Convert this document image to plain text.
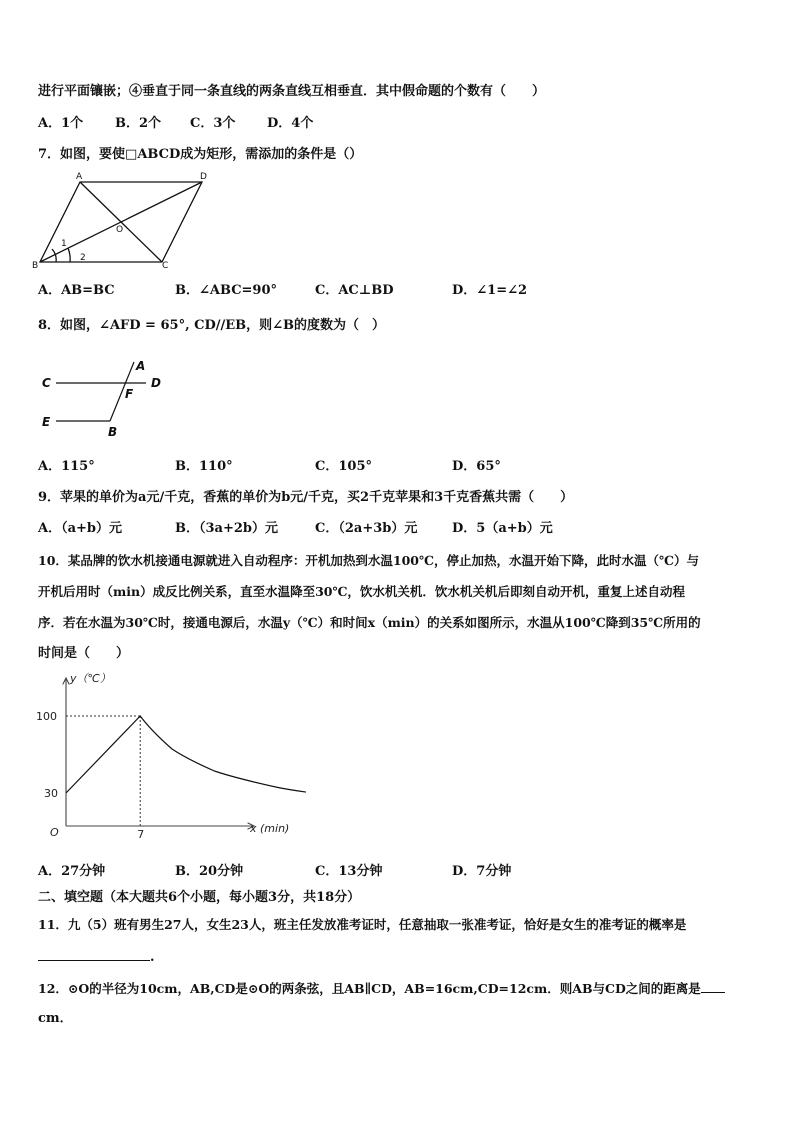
进行平面镶嵌；④垂直于同一条直线的两条直线互相垂直．其中假命题的个数有（　　）
A．1个 B．2个 C．3个 D．4个
7．如图，要使□ABCD成为矩形，需添加的条件是（）
A	D
B	C
O
1
2
A．AB=BC	B．∠ABC=90°	C．AC⊥BD	D．∠1=∠2
8．如图，∠AFD = 65°, CD//EB，则∠B的度数为（　）
C	D
A
F
E
B
A．115°	B．110°	C．105°	D．65°
9．苹果的单价为a元/千克，香蕉的单价为b元/千克，买2千克苹果和3千克香蕉共需（　　）
A．（a+b）元	B．（3a+2b）元	C．（2a+3b）元	D．5（a+b）元
10．某品牌的饮水机接通电源就进入自动程序：开机加热到水温100℃，停止加热，水温开始下降，此时水温（℃）与
开机后用时（min）成反比例关系，直至水温降至30℃，饮水机关机．饮水机关机后即刻自动开机，重复上述自动程
序．若在水温为30℃时，接通电源后，水温y（℃）和时间x（min）的关系如图所示，水温从100℃降到35℃所用的
时间是（　　）
y（℃）
x (min)
O
100
30
7
A．27分钟	B．20分钟	C．13分钟	D．7分钟
二、填空题（本大题共6个小题，每小题3分，共18分）
11．九（5）班有男生27人，女生23人，班主任发放准考证时，任意抽取一张准考证，恰好是女生的准考证的概率是
.
12．⊙O的半径为10cm，AB,CD是⊙O的两条弦，且AB∥CD，AB=16cm,CD=12cm．则AB与CD之间的距离是
cm．
